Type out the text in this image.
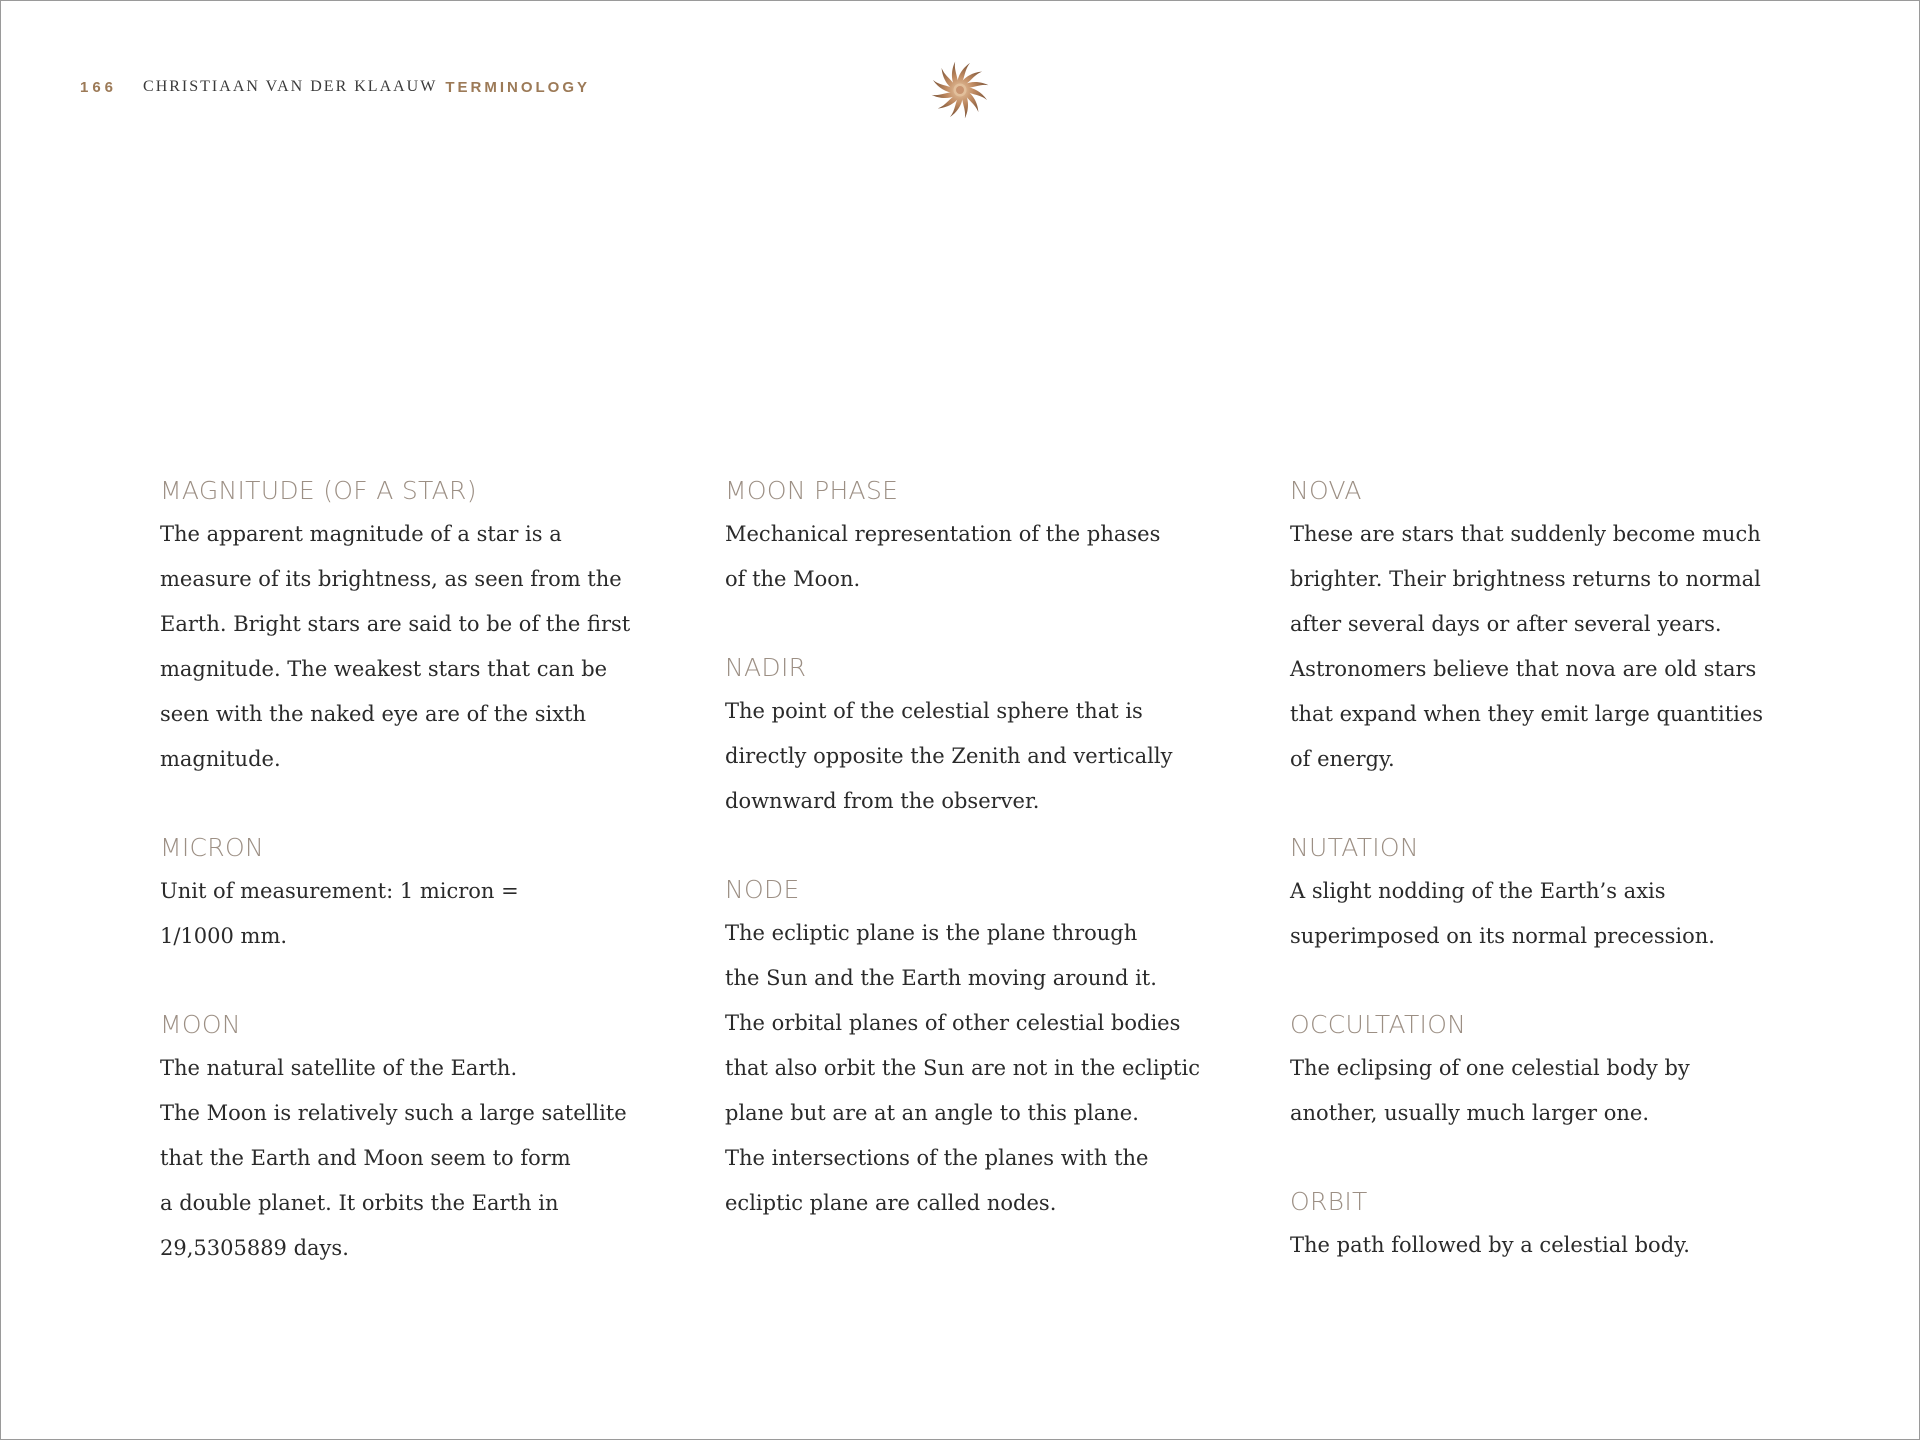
166 CHRISTIAAN VAN DER KLAAUW TERMINOLOGY
MAGNITUDE (OF A STAR)

The apparent magnitude of a star is a
measure of its brightness, as seen from the
Earth. Bright stars are said to be of the first
magnitude. The weakest stars that can be
seen with the naked eye are of the sixth
magnitude.

MICRON

Unit of measurement: 1 micron =
1/1000 mm.

MOON

The natural satellite of the Earth.
The Moon is relatively such a large satellite
that the Earth and Moon seem to form
a double planet. It orbits the Earth in
29,5305889 days.

MOON PHASE

Mechanical representation of the phases
of the Moon.

NADIR

The point of the celestial sphere that is
directly opposite the Zenith and vertically
downward from the observer.

NODE

The ecliptic plane is the plane through
the Sun and the Earth moving around it.
The orbital planes of other celestial bodies
that also orbit the Sun are not in the ecliptic
plane but are at an angle to this plane.
The intersections of the planes with the
ecliptic plane are called nodes.

NOVA

These are stars that suddenly become much
brighter. Their brightness returns to normal
after several days or after several years.
Astronomers believe that nova are old stars
that expand when they emit large quantities
of energy.

NUTATION

A slight nodding of the Earth’s axis
superimposed on its normal precession.

OCCULTATION

The eclipsing of one celestial body by
another, usually much larger one.

ORBIT

The path followed by a celestial body.
